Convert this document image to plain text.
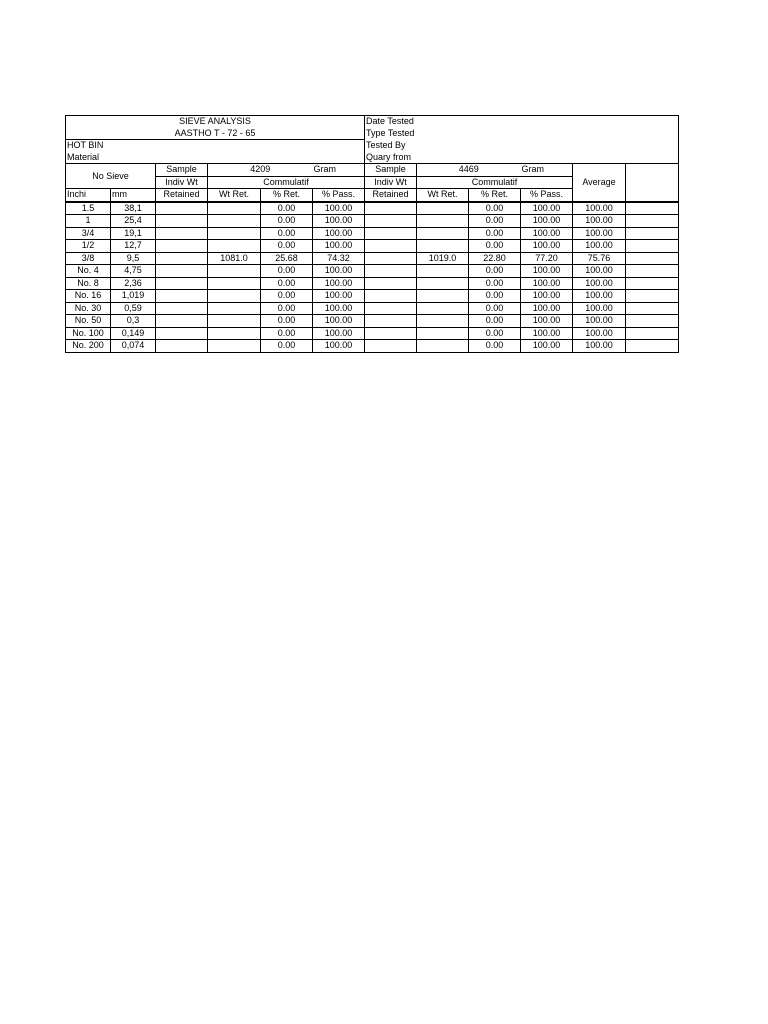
SIEVE ANALYSIS						Date Tested					
AASTHO T - 72 - 65						Type Tested					
HOT BIN						Tested By					
Material						Quary from					
No Sieve		Sample	4209		Gram	Sample	4469		Gram	Average	
		Indiv Wt	Commulatif			Indiv Wt	Commulatif				
Inchi	mm	Retained	Wt Ret.	% Ret.	% Pass.	Retained	Wt Ret.	% Ret.	% Pass.		
1.5	38,1			0.00	100.00			0.00	100.00	100.00	
1	25,4			0.00	100.00			0.00	100.00	100.00	
3/4	19,1			0.00	100.00			0.00	100.00	100.00	
1/2	12,7			0.00	100.00			0.00	100.00	100.00	
3/8	9,5		1081.0	25.68	74.32		1019.0	22.80	77.20	75.76	
No. 4	4,75			0.00	100.00			0.00	100.00	100.00	
No. 8	2,36			0.00	100.00			0.00	100.00	100.00	
No. 16	1,019			0.00	100.00			0.00	100.00	100.00	
No. 30	0,59			0.00	100.00			0.00	100.00	100.00	
No. 50	0,3			0.00	100.00			0.00	100.00	100.00	
No. 100	0,149			0.00	100.00			0.00	100.00	100.00	
No. 200	0,074			0.00	100.00			0.00	100.00	100.00	
